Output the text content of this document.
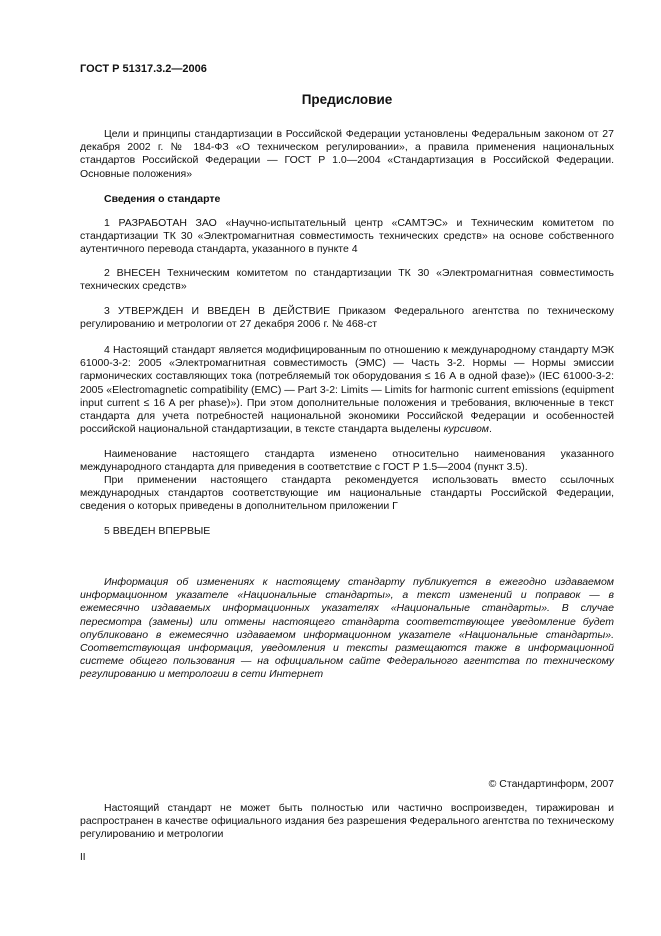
ГОСТ Р 51317.3.2—2006
Предисловие

Цели и принципы стандартизации в Российской Федерации установлены Федеральным законом от 27 декабря 2002 г. № 184-ФЗ «О техническом регулировании», а правила применения национальных стандартов Российской Федерации — ГОСТ Р 1.0—2004 «Стандартизация в Российской Федерации. Основные положения»

Сведения о стандарте

1 РАЗРАБОТАН ЗАО «Научно-испытательный центр «САМТЭС» и Техническим комитетом по стандартизации ТК 30 «Электромагнитная совместимость технических средств» на основе собственного аутентичного перевода стандарта, указанного в пункте 4

2 ВНЕСЕН Техническим комитетом по стандартизации ТК 30 «Электромагнитная совместимость технических средств»

3 УТВЕРЖДЕН И ВВЕДЕН В ДЕЙСТВИЕ Приказом Федерального агентства по техническому регулированию и метрологии от 27 декабря 2006 г. № 468-ст

4 Настоящий стандарт является модифицированным по отношению к международному стандарту МЭК 61000-3-2: 2005 «Электромагнитная совместимость (ЭМС) — Часть 3-2. Нормы — Нормы эмиссии гармонических составляющих тока (потребляемый ток оборудования ≤ 16 А в одной фазе)» (IEC 61000-3-2: 2005 «Electromagnetic compatibility (EMC) — Part 3-2: Limits — Limits for harmonic current emissions (equipment input current ≤ 16 A per phase)»). При этом дополнительные положения и требования, включенные в текст стандарта для учета потребностей национальной экономики Российской Федерации и особенностей российской национальной стандартизации, в тексте стандарта выделены курсивом.

Наименование настоящего стандарта изменено относительно наименования указанного международного стандарта для приведения в соответствие с ГОСТ Р 1.5—2004 (пункт 3.5).

При применении настоящего стандарта рекомендуется использовать вместо ссылочных международных стандартов соответствующие им национальные стандарты Российской Федерации, сведения о которых приведены в дополнительном приложении Г

5 ВВЕДЕН ВПЕРВЫЕ

Информация об изменениях к настоящему стандарту публикуется в ежегодно издаваемом информационном указателе «Национальные стандарты», а текст изменений и поправок — в ежемесячно издаваемых информационных указателях «Национальные стандарты». В случае пересмотра (замены) или отмены настоящего стандарта соответствующее уведомление будет опубликовано в ежемесячно издаваемом информационном указателе «Национальные стандарты». Соответствующая информация, уведомления и тексты размещаются также в информационной системе общего пользования — на официальном сайте Федерального агентства по техническому регулированию и метрологии в сети Интернет

© Стандартинформ, 2007

Настоящий стандарт не может быть полностью или частично воспроизведен, тиражирован и распространен в качестве официального издания без разрешения Федерального агентства по техническому регулированию и метрологии

II
